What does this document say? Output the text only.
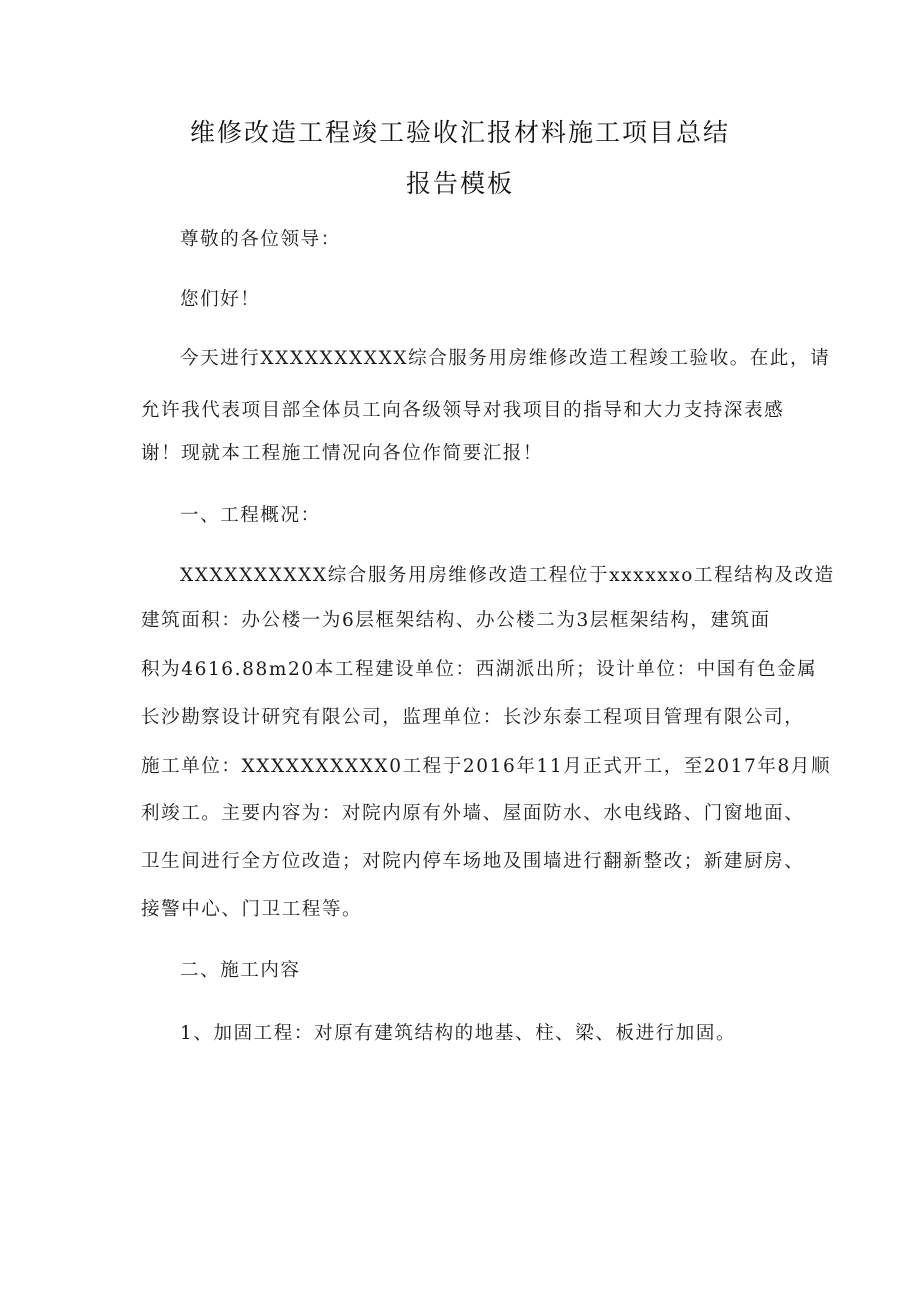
维修改造工程竣工验收汇报材料施工项目总结
报告模板
尊敬的各位领导：
您们好！
今天进行XXXXXXXXXX综合服务用房维修改造工程竣工验收。在此，请
允许我代表项目部全体员工向各级领导对我项目的指导和大力支持深表感
谢！现就本工程施工情况向各位作简要汇报！
一、工程概况：
XXXXXXXXXX综合服务用房维修改造工程位于xxxxxxo工程结构及改造
建筑面积：办公楼一为6层框架结构、办公楼二为3层框架结构，建筑面
积为4616.88m20本工程建设单位：西湖派出所；设计单位：中国有色金属
长沙勘察设计研究有限公司，监理单位：长沙东泰工程项目管理有限公司，
施工单位：XXXXXXXXXX0工程于2016年11月正式开工，至2017年8月顺
利竣工。主要内容为：对院内原有外墙、屋面防水、水电线路、门窗地面、
卫生间进行全方位改造；对院内停车场地及围墙进行翻新整改；新建厨房、
接警中心、门卫工程等。
二、施工内容
1、加固工程：对原有建筑结构的地基、柱、梁、板进行加固。
